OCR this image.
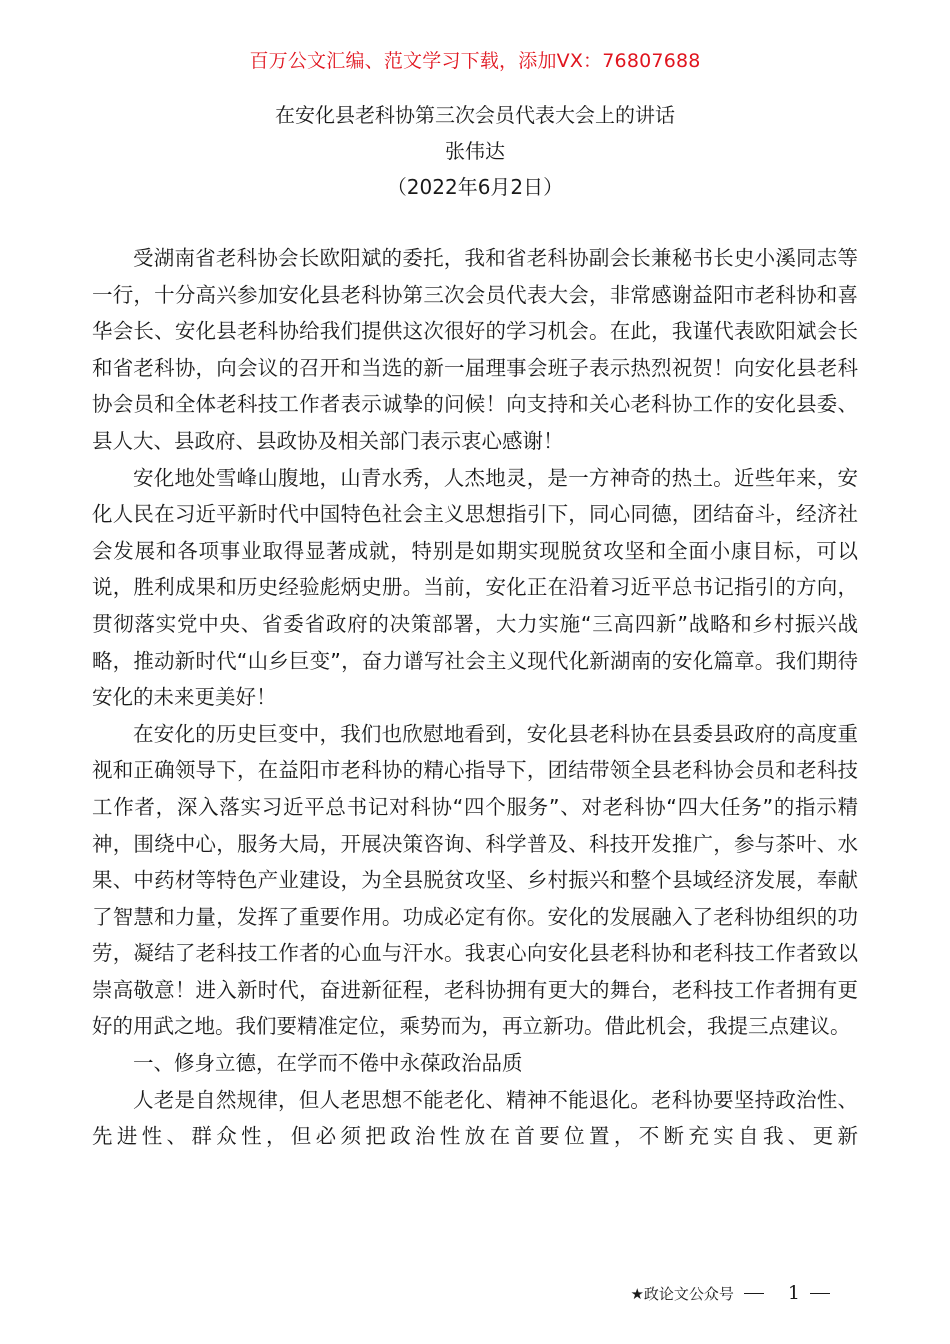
百万公文汇编、范文学习下载，添加VX：76807688
在安化县老科协第三次会员代表大会上的讲话
张伟达
（2022年6月2日）

受湖南省老科协会长欧阳斌的委托，我和省老科协副会长兼秘书长史小溪同志等一行，十分高兴参加安化县老科协第三次会员代表大会，非常感谢益阳市老科协和喜华会长、安化县老科协给我们提供这次很好的学习机会。在此，我谨代表欧阳斌会长和省老科协，向会议的召开和当选的新一届理事会班子表示热烈祝贺！向安化县老科协会员和全体老科技工作者表示诚挚的问候！向支持和关心老科协工作的安化县委、县人大、县政府、县政协及相关部门表示衷心感谢！

安化地处雪峰山腹地，山青水秀，人杰地灵，是一方神奇的热土。近些年来，安化人民在习近平新时代中国特色社会主义思想指引下，同心同德，团结奋斗，经济社会发展和各项事业取得显著成就，特别是如期实现脱贫攻坚和全面小康目标，可以说，胜利成果和历史经验彪炳史册。当前，安化正在沿着习近平总书记指引的方向，贯彻落实党中央、省委省政府的决策部署，大力实施“三高四新”战略和乡村振兴战略，推动新时代“山乡巨变”，奋力谱写社会主义现代化新湖南的安化篇章。我们期待安化的未来更美好！

在安化的历史巨变中，我们也欣慰地看到，安化县老科协在县委县政府的高度重视和正确领导下，在益阳市老科协的精心指导下，团结带领全县老科协会员和老科技工作者，深入落实习近平总书记对科协“四个服务”、对老科协“四大任务”的指示精神，围绕中心，服务大局，开展决策咨询、科学普及、科技开发推广，参与茶叶、水果、中药材等特色产业建设，为全县脱贫攻坚、乡村振兴和整个县域经济发展，奉献了智慧和力量，发挥了重要作用。功成必定有你。安化的发展融入了老科协组织的功劳，凝结了老科技工作者的心血与汗水。我衷心向安化县老科协和老科技工作者致以崇高敬意！进入新时代，奋进新征程，老科协拥有更大的舞台，老科技工作者拥有更好的用武之地。我们要精准定位，乘势而为，再立新功。借此机会，我提三点建议。

一、修身立德，在学而不倦中永葆政治品质

人老是自然规律，但人老思想不能老化、精神不能退化。老科协要坚持政治性、先进性、群众性，但必须把政治性放在首要位置，不断充实自我、更新

★政论文公众号	1
